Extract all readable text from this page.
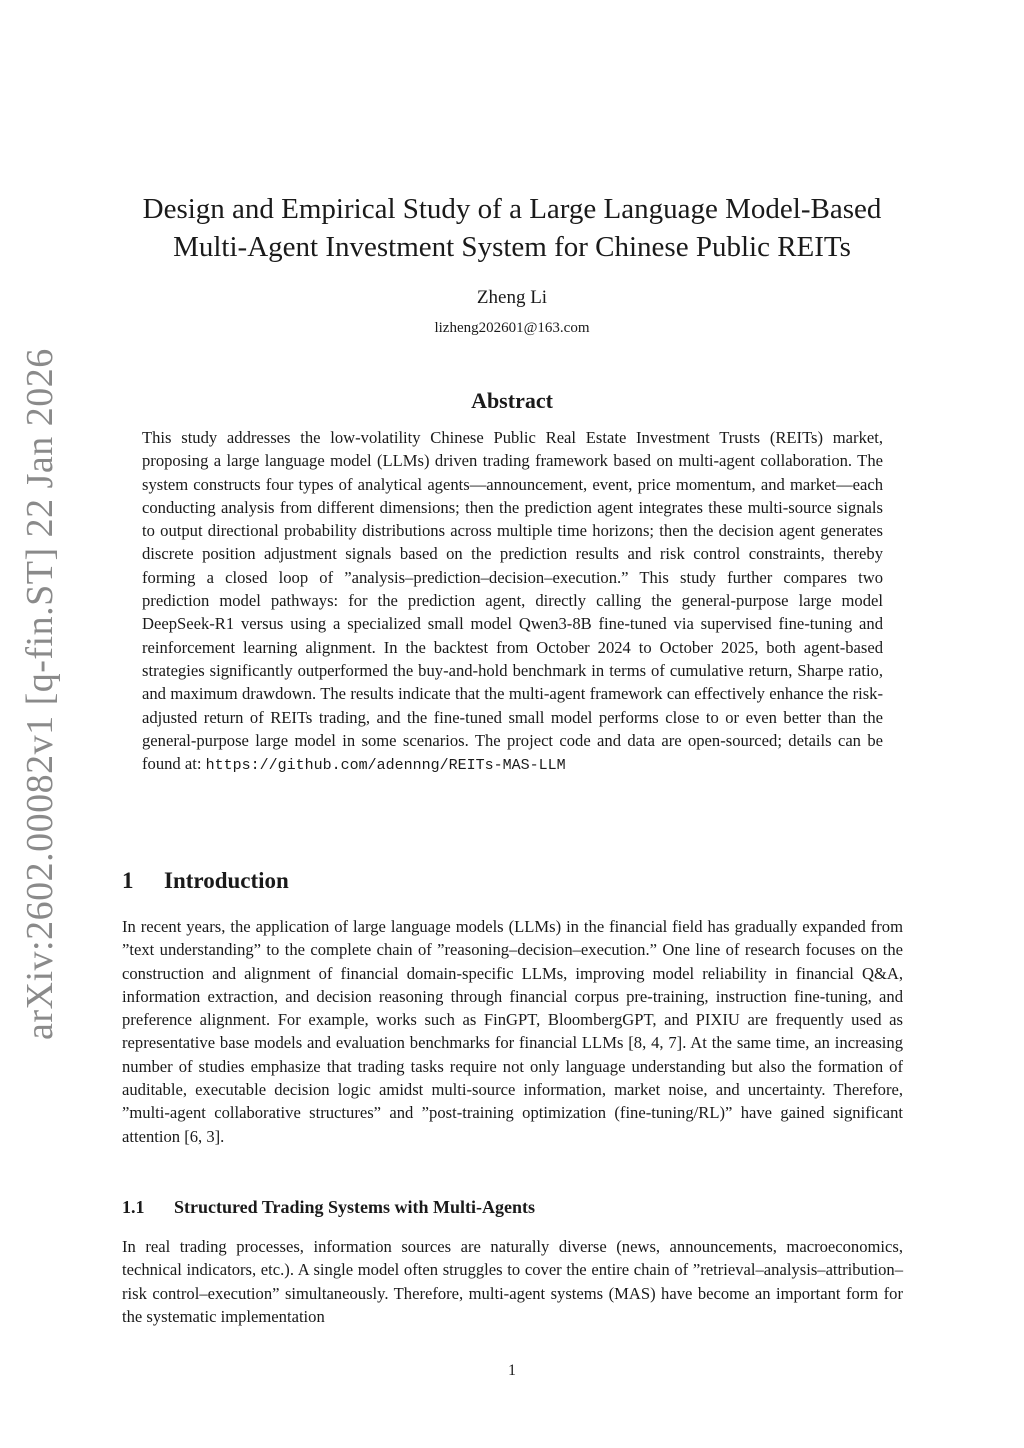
arXiv:2602.00082v1 [q-fin.ST] 22 Jan 2026
Design and Empirical Study of a Large Language Model-Based
Multi-Agent Investment System for Chinese Public REITs
Zheng Li
lizheng202601@163.com
Abstract

This study addresses the low-volatility Chinese Public Real Estate Investment Trusts (REITs) market, proposing a large language model (LLMs) driven trading framework based on multi-agent collaboration. The system constructs four types of analytical agents—announcement, event, price momentum, and market—each conducting analysis from different dimensions; then the prediction agent integrates these multi-source signals to output directional probability distributions across multiple time horizons; then the decision agent generates discrete position adjustment signals based on the prediction results and risk control constraints, thereby forming a closed loop of ”analysis–prediction–decision–execution.” This study further compares two prediction model pathways: for the prediction agent, directly calling the general-purpose large model DeepSeek-R1 versus using a specialized small model Qwen3-8B fine-tuned via supervised fine-tuning and reinforcement learning alignment. In the backtest from October 2024 to October 2025, both agent-based strategies significantly outperformed the buy-and-hold benchmark in terms of cumulative return, Sharpe ratio, and maximum drawdown. The results indicate that the multi-agent framework can effectively enhance the risk-adjusted return of REITs trading, and the fine-tuned small model performs close to or even better than the general-purpose large model in some scenarios. The project code and data are open-sourced; details can be found at: https://github.com/adennng/REITs-MAS-LLM

1 Introduction

In recent years, the application of large language models (LLMs) in the financial field has gradually expanded from ”text understanding” to the complete chain of ”reasoning–decision–execution.” One line of research focuses on the construction and alignment of financial domain-specific LLMs, improving model reliability in financial Q&A, information extraction, and decision reasoning through financial corpus pre-training, instruction fine-tuning, and preference alignment. For example, works such as FinGPT, BloombergGPT, and PIXIU are frequently used as representative base models and evaluation benchmarks for financial LLMs [8, 4, 7]. At the same time, an increasing number of studies emphasize that trading tasks require not only language understanding but also the formation of auditable, executable decision logic amidst multi-source information, market noise, and uncertainty. Therefore, ”multi-agent collaborative structures” and ”post-training optimization (fine-tuning/RL)” have gained significant attention [6, 3].

1.1 Structured Trading Systems with Multi-Agents

In real trading processes, information sources are naturally diverse (news, announcements, macroeconomics, technical indicators, etc.). A single model often struggles to cover the entire chain of ”retrieval–analysis–attribution–risk control–execution” simultaneously. Therefore, multi-agent systems (MAS) have become an important form for the systematic implementation

1
